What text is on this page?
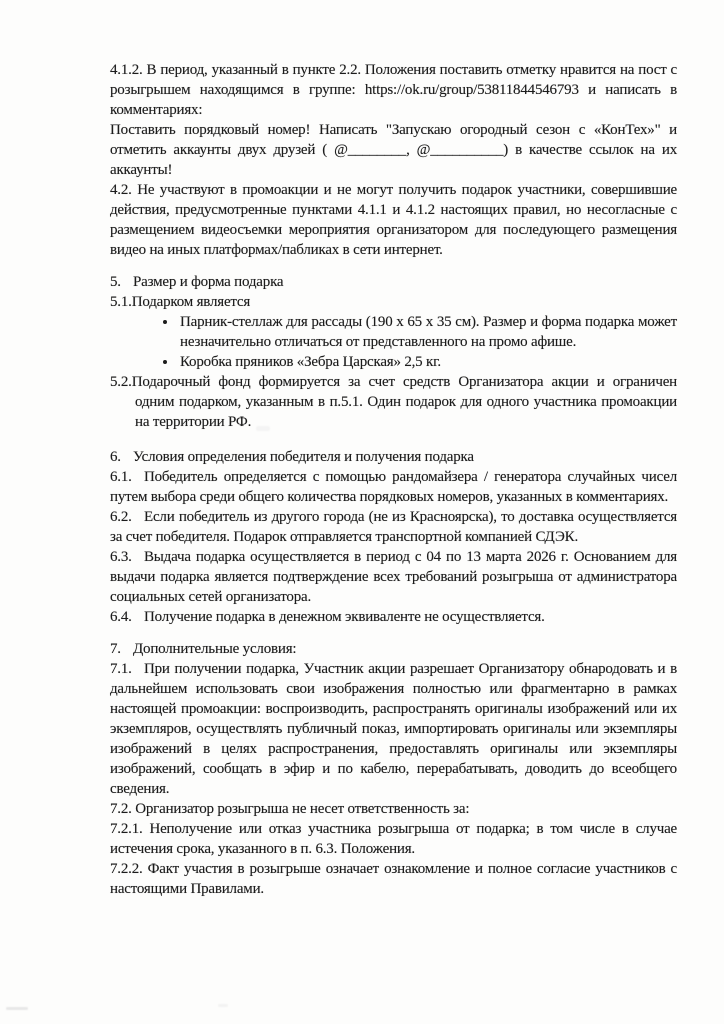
4.1.2. В период, указанный в пункте 2.2. Положения поставить отметку нравится на пост с розыгрышем находящимся в группе: https://ok.ru/group/53811844546793 и написать в комментариях:

Поставить порядковый номер! Написать "Запускаю огородный сезон с «КонТех»" и отметить аккаунты двух друзей ( @________, @__________) в качестве ссылок на их аккаунты!

4.2. Не участвуют в промоакции и не могут получить подарок участники, совершившие действия, предусмотренные пунктами 4.1.1 и 4.1.2 настоящих правил, но несогласные с размещением видеосъемки мероприятия организатором для последующего размещения видео на иных платформах/пабликах в сети интернет.

5. Размер и форма подарка

5.1.Подарком является

• Парник-стеллаж для рассады (190 х 65 х 35 см). Размер и форма подарка может незначительно отличаться от представленного на промо афише.
• Коробка пряников «Зебра Царская» 2,5 кг.

5.2.Подарочный фонд формируется за счет средств Организатора акции и ограничен одним подарком, указанным в п.5.1. Один подарок для одного участника промоакции на территории РФ.

6. Условия определения победителя и получения подарка

6.1. Победитель определяется с помощью рандомайзера / генератора случайных чисел путем выбора среди общего количества порядковых номеров, указанных в комментариях.

6.2. Если победитель из другого города (не из Красноярска), то доставка осуществляется за счет победителя. Подарок отправляется транспортной компанией СДЭК.

6.3. Выдача подарка осуществляется в период с 04 по 13 марта 2026 г. Основанием для выдачи подарка является подтверждение всех требований розыгрыша от администратора социальных сетей организатора.

6.4. Получение подарка в денежном эквиваленте не осуществляется.

7. Дополнительные условия:

7.1. При получении подарка, Участник акции разрешает Организатору обнародовать и в дальнейшем использовать свои изображения полностью или фрагментарно в рамках настоящей промоакции: воспроизводить, распространять оригиналы изображений или их экземпляров, осуществлять публичный показ, импортировать оригиналы или экземпляры изображений в целях распространения, предоставлять оригиналы или экземпляры изображений, сообщать в эфир и по кабелю, перерабатывать, доводить до всеобщего сведения.

7.2. Организатор розыгрыша не несет ответственность за:

7.2.1. Неполучение или отказ участника розыгрыша от подарка; в том числе в случае истечения срока, указанного в п. 6.3. Положения.

7.2.2. Факт участия в розыгрыше означает ознакомление и полное согласие участников с настоящими Правилами.
